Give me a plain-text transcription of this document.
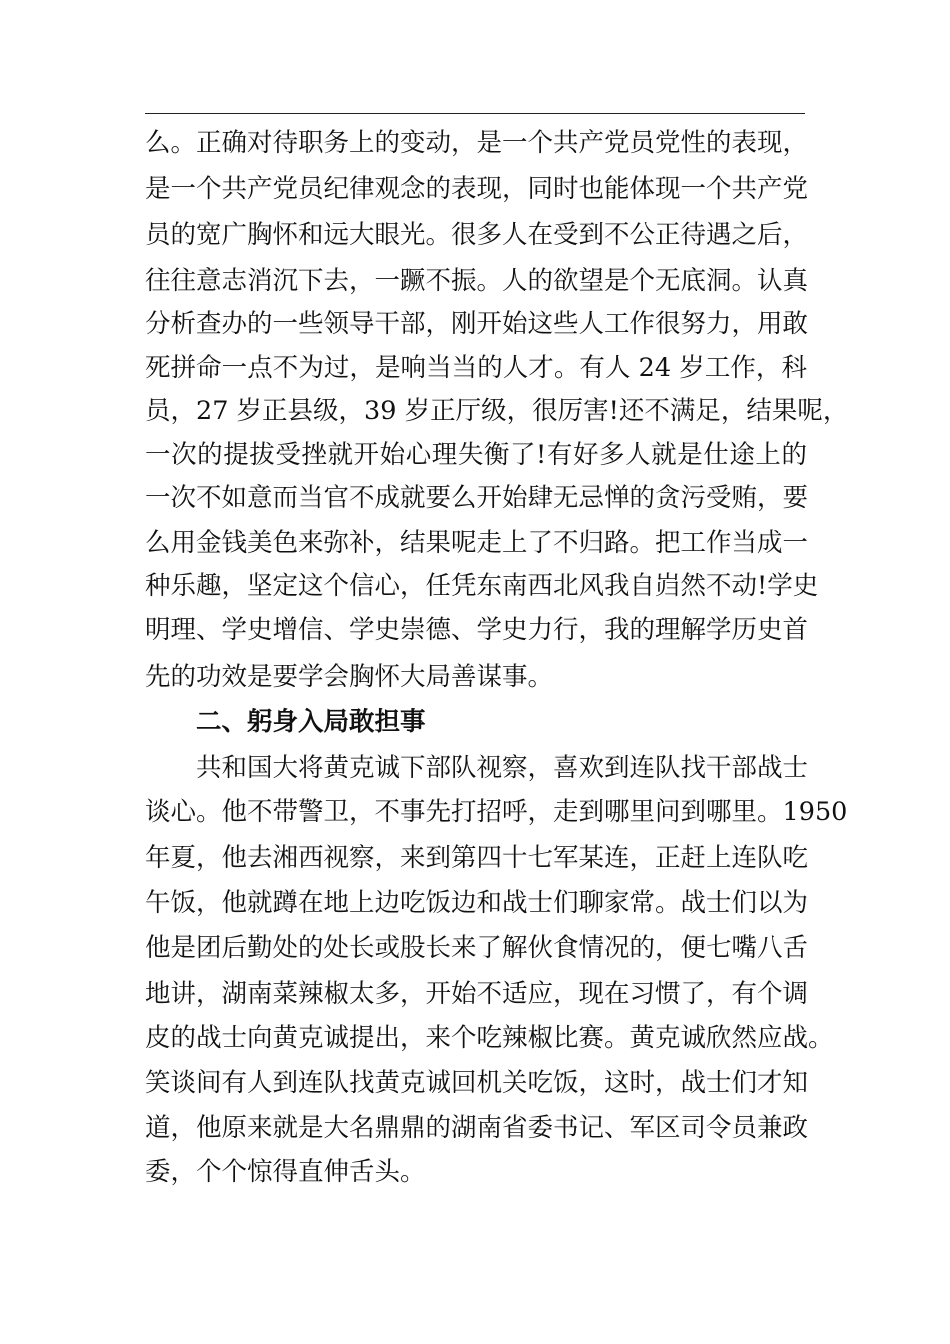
么。正确对待职务上的变动，是一个共产党员党性的表现，
是一个共产党员纪律观念的表现，同时也能体现一个共产党
员的宽广胸怀和远大眼光。很多人在受到不公正待遇之后，
往往意志消沉下去，一蹶不振。人的欲望是个无底洞。认真
分析查办的一些领导干部，刚开始这些人工作很努力，用敢
死拼命一点不为过，是响当当的人才。有人 24 岁工作，科
员，27 岁正县级，39 岁正厅级，很厉害!还不满足，结果呢，
一次的提拔受挫就开始心理失衡了!有好多人就是仕途上的
一次不如意而当官不成就要么开始肆无忌惮的贪污受贿，要
么用金钱美色来弥补，结果呢走上了不归路。把工作当成一
种乐趣，坚定这个信心，任凭东南西北风我自岿然不动!学史
明理、学史增信、学史崇德、学史力行，我的理解学历史首
先的功效是要学会胸怀大局善谋事。
二、躬身入局敢担事
共和国大将黄克诚下部队视察，喜欢到连队找干部战士
谈心。他不带警卫，不事先打招呼，走到哪里问到哪里。1950
年夏，他去湘西视察，来到第四十七军某连，正赶上连队吃
午饭，他就蹲在地上边吃饭边和战士们聊家常。战士们以为
他是团后勤处的处长或股长来了解伙食情况的，便七嘴八舌
地讲，湖南菜辣椒太多，开始不适应，现在习惯了，有个调
皮的战士向黄克诚提出，来个吃辣椒比赛。黄克诚欣然应战。
笑谈间有人到连队找黄克诚回机关吃饭，这时，战士们才知
道，他原来就是大名鼎鼎的湖南省委书记、军区司令员兼政
委，个个惊得直伸舌头。
